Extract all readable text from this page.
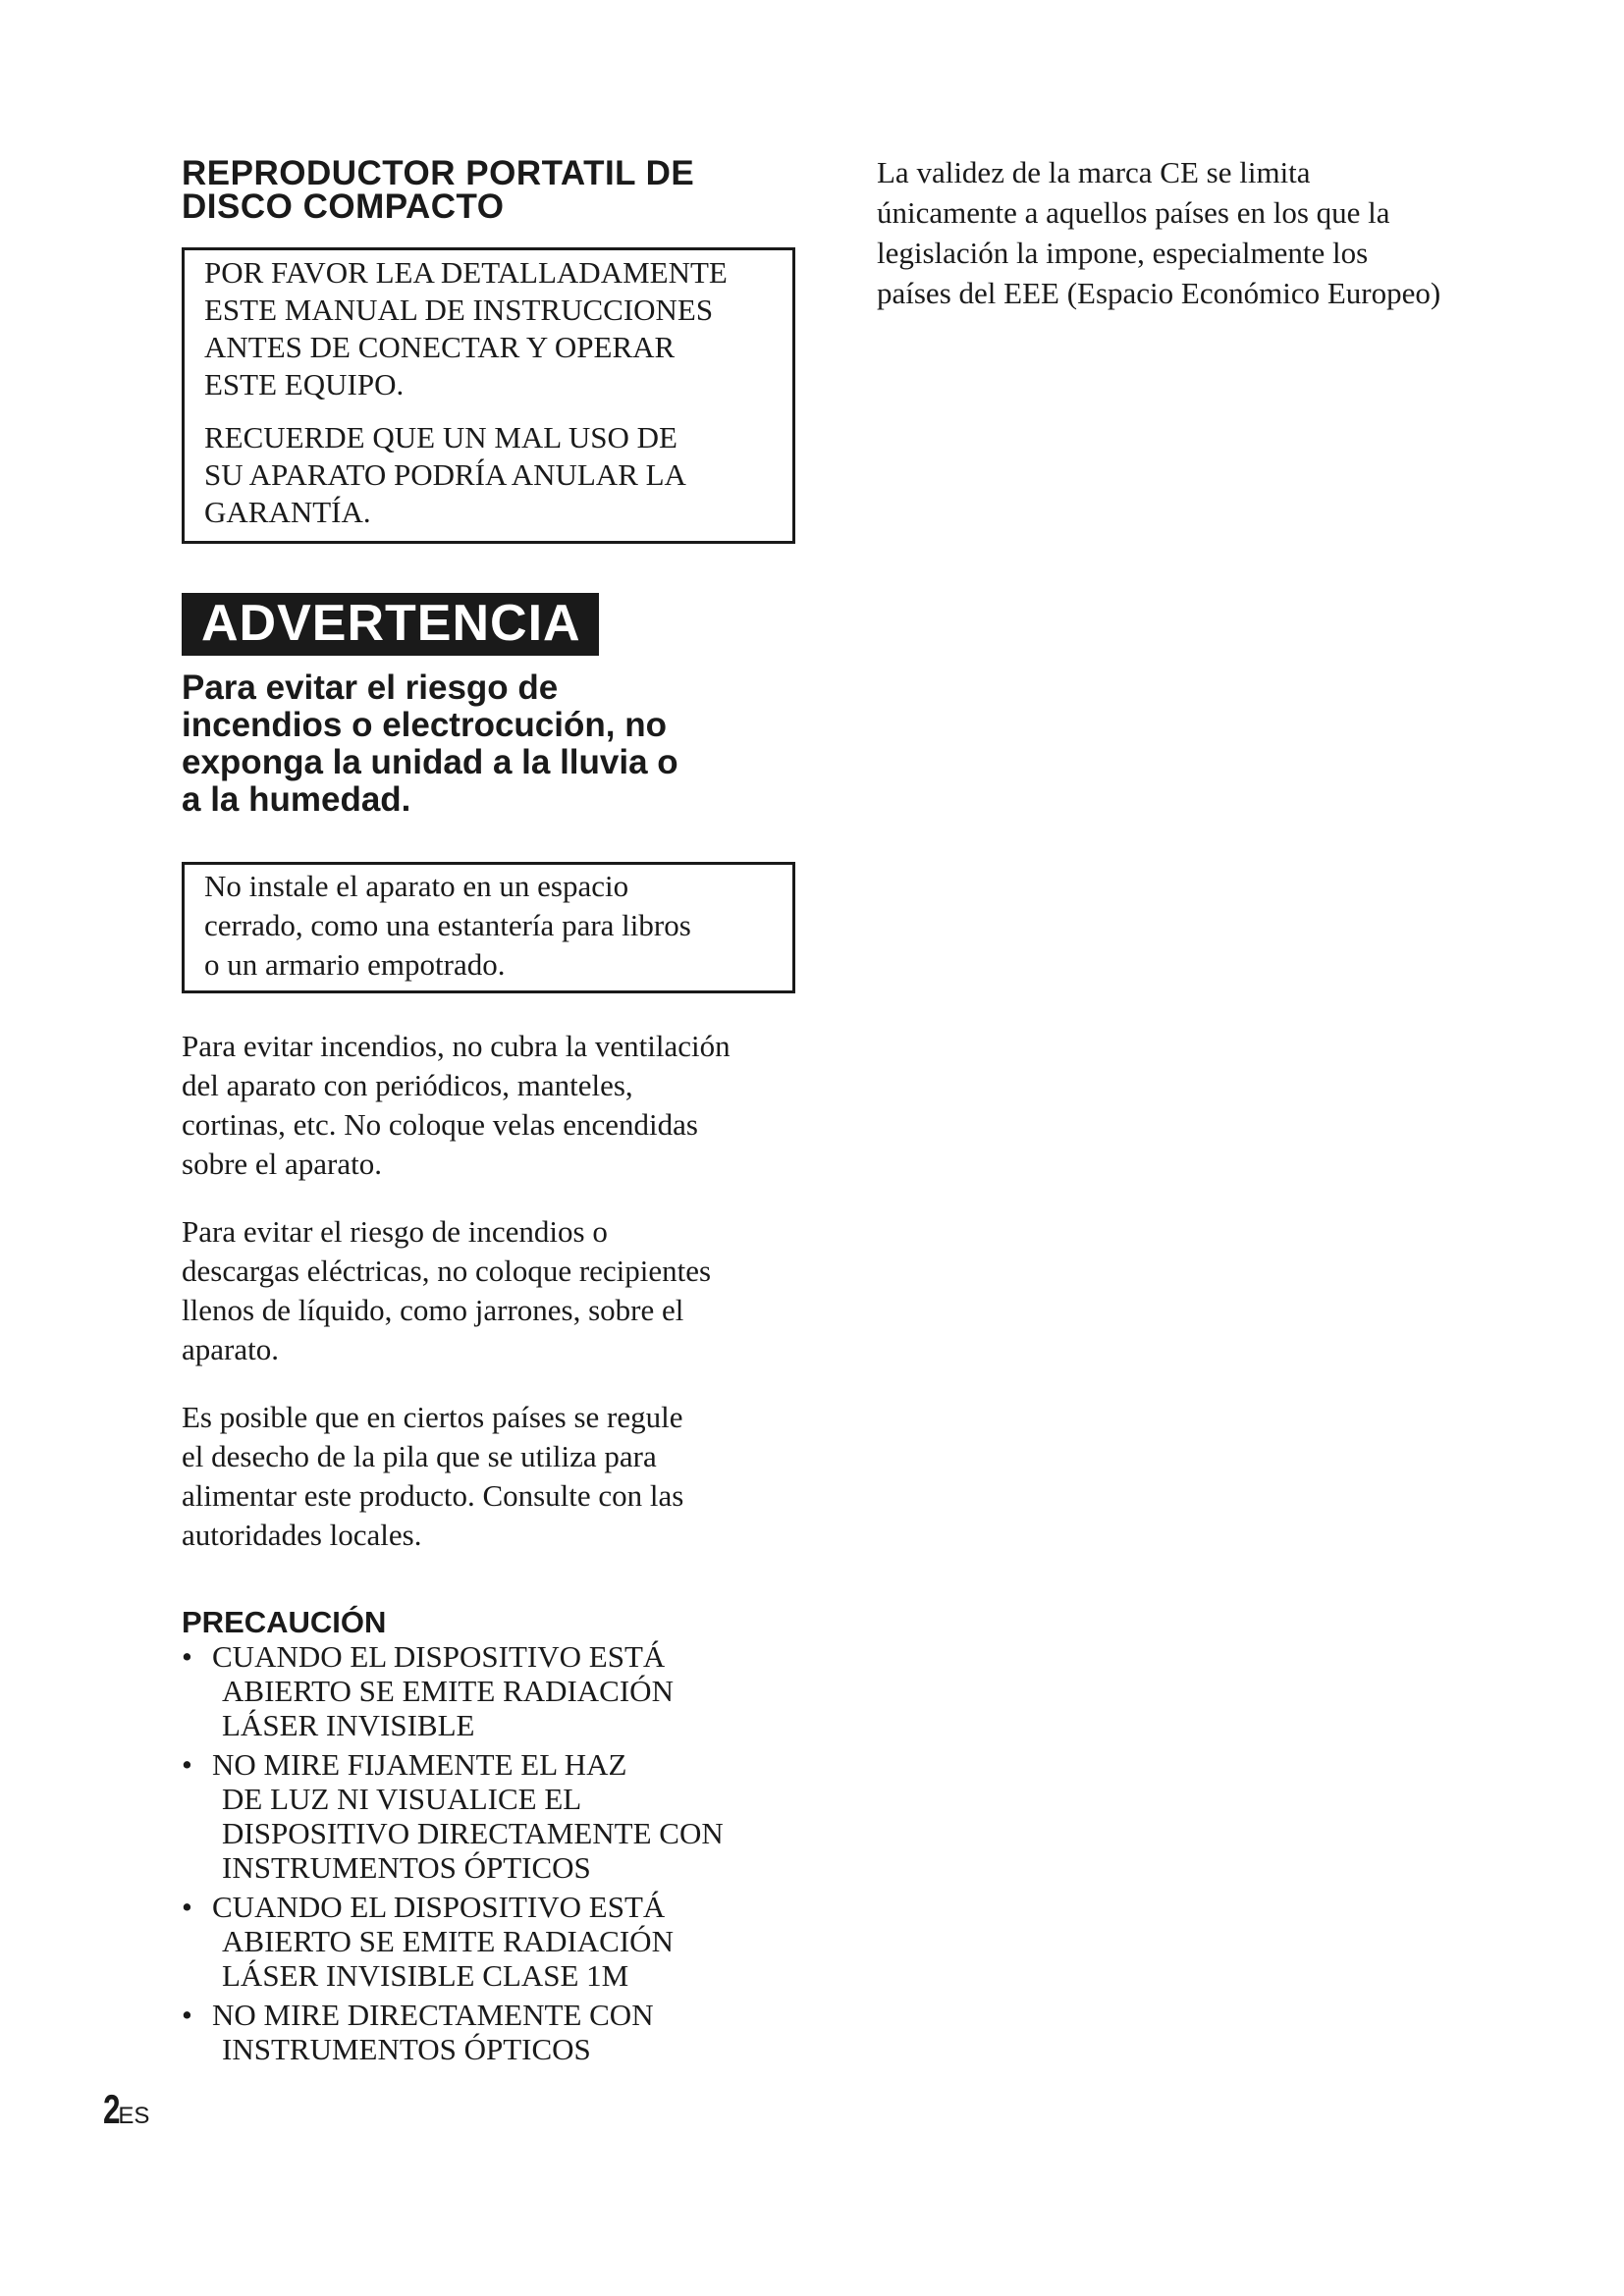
REPRODUCTOR PORTATIL DE
DISCO COMPACTO

POR FAVOR LEA DETALLADAMENTE
ESTE MANUAL DE INSTRUCCIONES
ANTES DE CONECTAR Y OPERAR
ESTE EQUIPO.

RECUERDE QUE UN MAL USO DE
SU APARATO PODRÍA ANULAR LA
GARANTÍA.

ADVERTENCIA

Para evitar el riesgo de
incendios o electrocución, no
exponga la unidad a la lluvia o
a la humedad.

No instale el aparato en un espacio
cerrado, como una estantería para libros
o un armario empotrado.

Para evitar incendios, no cubra la ventilación
del aparato con periódicos, manteles,
cortinas, etc. No coloque velas encendidas
sobre el aparato.

Para evitar el riesgo de incendios o
descargas eléctricas, no coloque recipientes
llenos de líquido, como jarrones, sobre el
aparato.

Es posible que en ciertos países se regule
el desecho de la pila que se utiliza para
alimentar este producto. Consulte con las
autoridades locales.

PRECAUCIÓN
• CUANDO EL DISPOSITIVO ESTÁ
ABIERTO SE EMITE RADIACIÓN
LÁSER INVISIBLE
• NO MIRE FIJAMENTE EL HAZ
DE LUZ NI VISUALICE EL
DISPOSITIVO DIRECTAMENTE CON
INSTRUMENTOS ÓPTICOS
• CUANDO EL DISPOSITIVO ESTÁ
ABIERTO SE EMITE RADIACIÓN
LÁSER INVISIBLE CLASE 1M
• NO MIRE DIRECTAMENTE CON
INSTRUMENTOS ÓPTICOS

La validez de la marca CE se limita
únicamente a aquellos países en los que la
legislación la impone, especialmente los
países del EEE (Espacio Económico Europeo)

2ES
